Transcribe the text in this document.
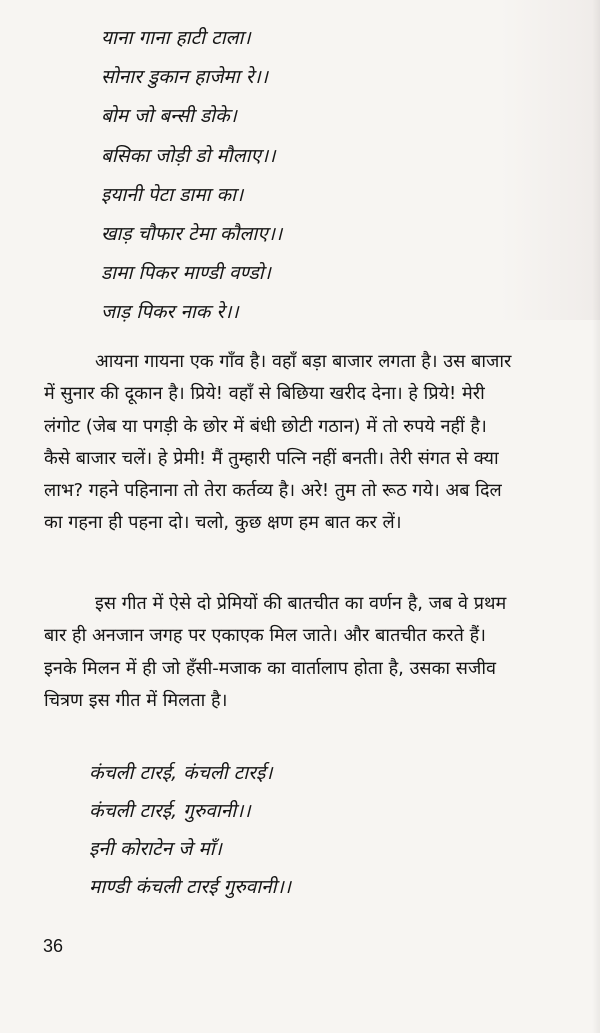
याना गाना हाटी टाला।
सोनार डुकान हाजेमा रे।।
बोम जो बन्सी डोके।
बसिका जोड़ी डो मौलाए।।
इयानी पेटा डामा का।
खाड़ चौफार टेमा कौलाए।।
डामा पिकर माण्डी वण्डो।
जाड़ पिकर नाक रे।।

आयना गायना एक गाँव है। वहाँ बड़ा बाजार लगता है। उस बाजार
में सुनार की दूकान है। प्रिये! वहाँ से बिछिया खरीद देना। हे प्रिये! मेरी
लंगोट (जेब या पगड़ी के छोर में बंधी छोटी गठान) में तो रुपये नहीं है।
कैसे बाजार चलें। हे प्रेमी! मैं तुम्हारी पत्नि नहीं बनती। तेरी संगत से क्या
लाभ? गहने पहिनाना तो तेरा कर्तव्य है। अरे! तुम तो रूठ गये। अब दिल
का गहना ही पहना दो। चलो, कुछ क्षण हम बात कर लें।

इस गीत में ऐसे दो प्रेमियों की बातचीत का वर्णन है, जब वे प्रथम
बार ही अनजान जगह पर एकाएक मिल जाते। और बातचीत करते हैं।
इनके मिलन में ही जो हँसी-मजाक का वार्तालाप होता है, उसका सजीव
चित्रण इस गीत में मिलता है।

कंचली टारई, कंचली टारई।
कंचली टारई, गुरुवानी।।
इनी कोराटेन जे माँ।
माण्डी कंचली टारई गुरुवानी।।
36
